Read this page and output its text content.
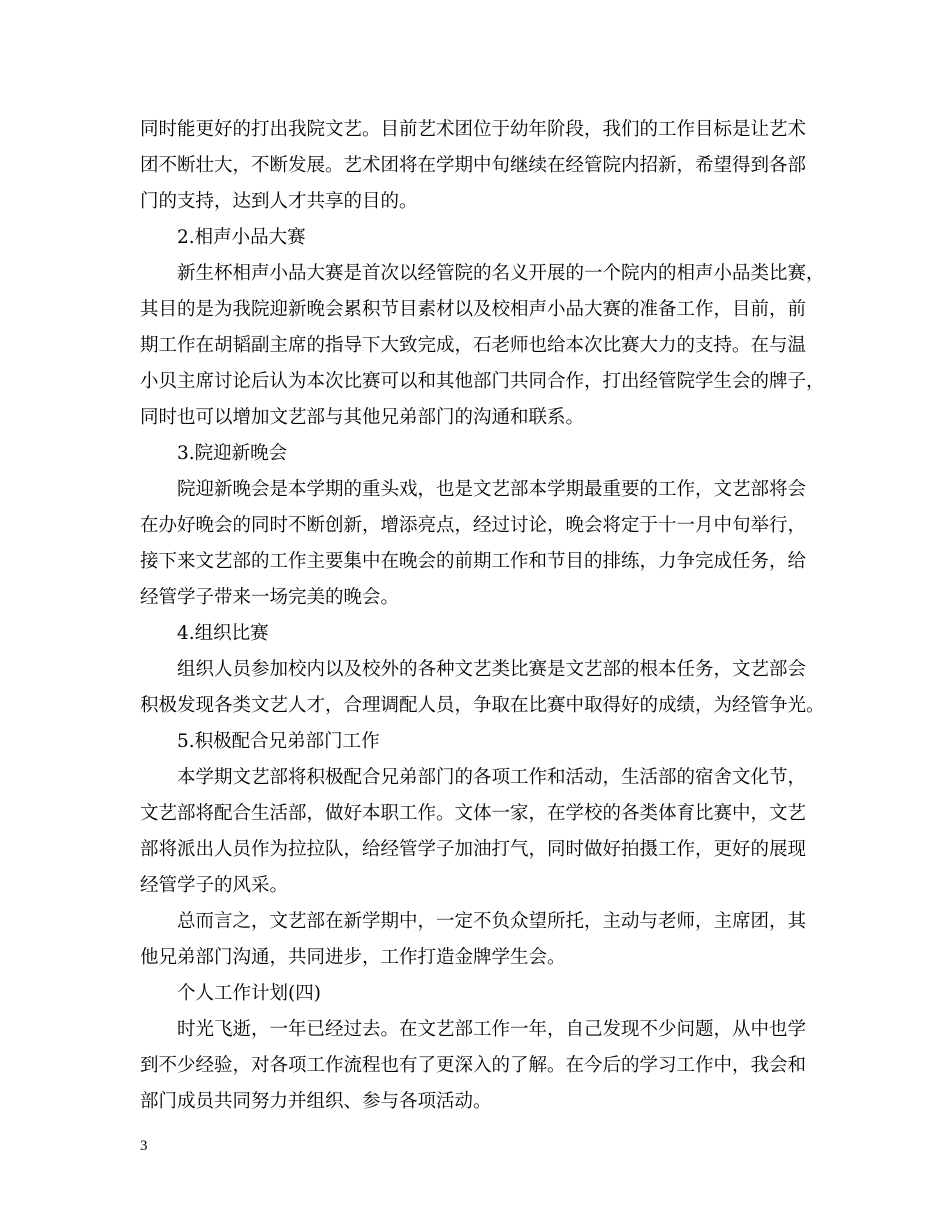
同时能更好的打出我院文艺。目前艺术团位于幼年阶段，我们的工作目标是让艺术
团不断壮大，不断发展。艺术团将在学期中旬继续在经管院内招新，希望得到各部
门的支持，达到人才共享的目的。
2.相声小品大赛
新生杯相声小品大赛是首次以经管院的名义开展的一个院内的相声小品类比赛，
其目的是为我院迎新晚会累积节目素材以及校相声小品大赛的准备工作，目前，前
期工作在胡韬副主席的指导下大致完成，石老师也给本次比赛大力的支持。在与温
小贝主席讨论后认为本次比赛可以和其他部门共同合作，打出经管院学生会的牌子，
同时也可以增加文艺部与其他兄弟部门的沟通和联系。
3.院迎新晚会
院迎新晚会是本学期的重头戏，也是文艺部本学期最重要的工作，文艺部将会
在办好晚会的同时不断创新，增添亮点，经过讨论，晚会将定于十一月中旬举行，
接下来文艺部的工作主要集中在晚会的前期工作和节目的排练，力争完成任务，给
经管学子带来一场完美的晚会。
4.组织比赛
组织人员参加校内以及校外的各种文艺类比赛是文艺部的根本任务，文艺部会
积极发现各类文艺人才，合理调配人员，争取在比赛中取得好的成绩，为经管争光。
5.积极配合兄弟部门工作
本学期文艺部将积极配合兄弟部门的各项工作和活动，生活部的宿舍文化节，
文艺部将配合生活部，做好本职工作。文体一家，在学校的各类体育比赛中，文艺
部将派出人员作为拉拉队，给经管学子加油打气，同时做好拍摄工作，更好的展现
经管学子的风采。
总而言之，文艺部在新学期中，一定不负众望所托，主动与老师，主席团，其
他兄弟部门沟通，共同进步，工作打造金牌学生会。
个人工作计划(四)
时光飞逝，一年已经过去。在文艺部工作一年，自己发现不少问题，从中也学
到不少经验，对各项工作流程也有了更深入的了解。在今后的学习工作中，我会和
部门成员共同努力并组织、参与各项活动。
3
